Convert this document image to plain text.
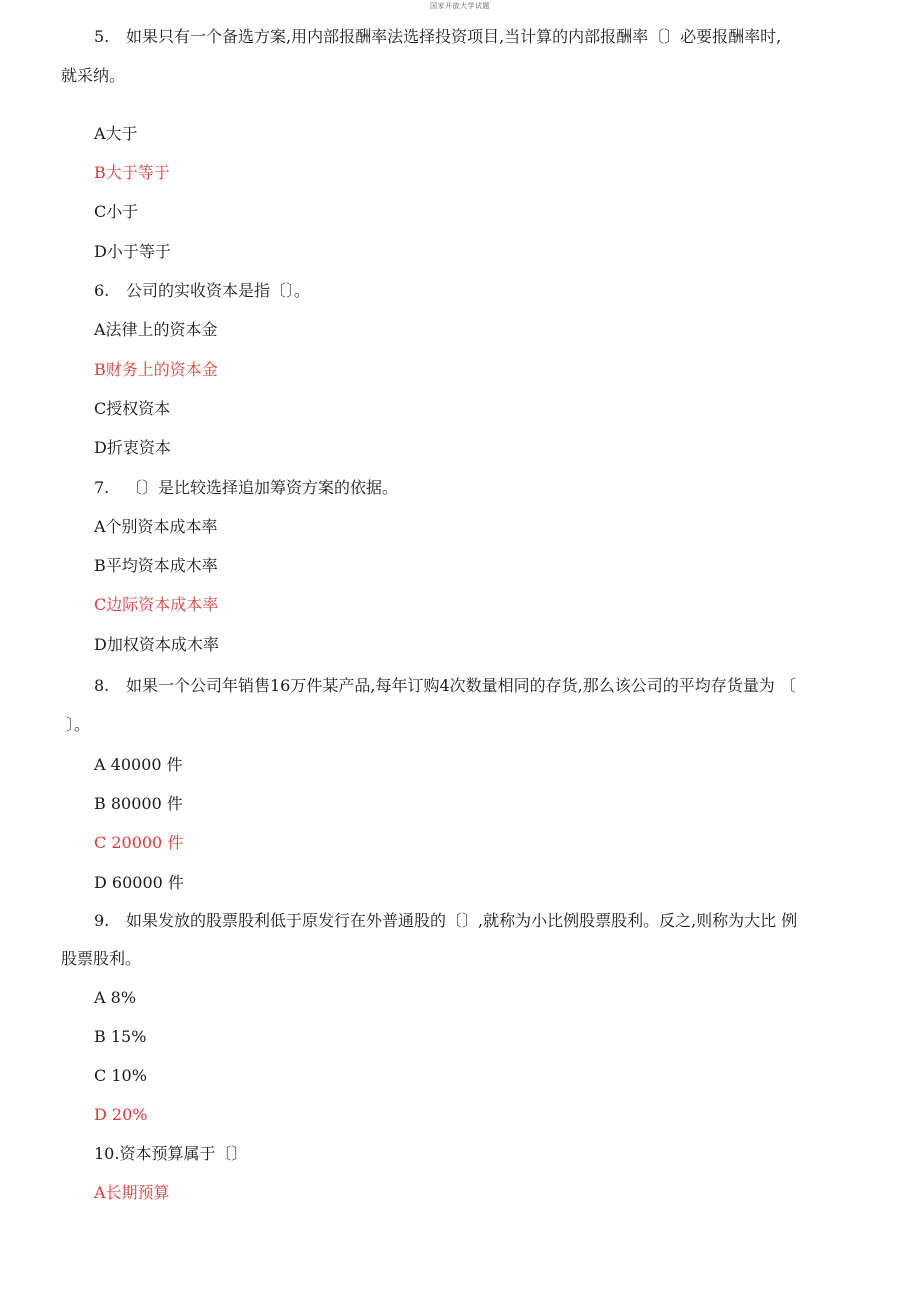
国家开放大学试题
5. 如果只有一个备选方案,用内部报酬率法选择投资项目,当计算的内部报酬率〔〕必要报酬率时,
就采纳。
A大于
B大于等于
C小于
D小于等于
6. 公司的实收资本是指〔〕。
A法律上的资本金
B财务上的资本金
C授权资本
D折衷资本
7. 〔〕是比较选择追加筹资方案的依据。
A个别资本成本率
B平均资本成木率
C边际资本成本率
D加权资本成木率
8. 如果一个公司年销售16万件某产品,每年订购4次数量相同的存货,那么该公司的平均存货量为 〔
〕。
A 40000 件
B 80000 件
C 20000 件
D 60000 件
9. 如果发放的股票股利低于原发行在外普通股的〔〕,就称为小比例股票股利。反之,则称为大比 例
股票股利。
A 8%
B 15%
C 10%
D 20%
10.资本预算属于〔〕
A长期预算
